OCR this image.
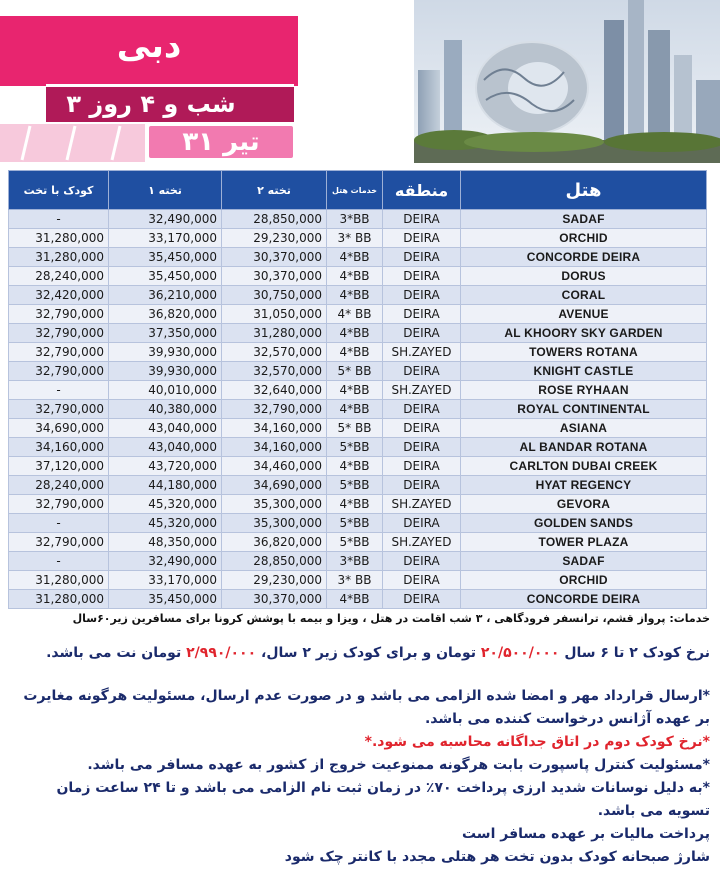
دبی
۳ شب و ۴ روز
۳۱ تیر
کودک با تخت	۱ تخته	۲ تخته	خدمات هتل	منطقه	هتل
-	32,490,000	28,850,000	3*BB	DEIRA	SADAF
31,280,000	33,170,000	29,230,000	3* BB	DEIRA	ORCHID
31,280,000	35,450,000	30,370,000	4*BB	DEIRA	CONCORDE DEIRA
28,240,000	35,450,000	30,370,000	4*BB	DEIRA	DORUS
32,420,000	36,210,000	30,750,000	4*BB	DEIRA	CORAL
32,790,000	36,820,000	31,050,000	4* BB	DEIRA	AVENUE
32,790,000	37,350,000	31,280,000	4*BB	DEIRA	AL KHOORY SKY GARDEN
32,790,000	39,930,000	32,570,000	4*BB	SH.ZAYED	TOWERS ROTANA
32,790,000	39,930,000	32,570,000	5* BB	DEIRA	KNIGHT CASTLE
-	40,010,000	32,640,000	4*BB	SH.ZAYED	ROSE RYHAAN
32,790,000	40,380,000	32,790,000	4*BB	DEIRA	ROYAL CONTINENTAL
34,690,000	43,040,000	34,160,000	5* BB	DEIRA	ASIANA
34,160,000	43,040,000	34,160,000	5*BB	DEIRA	AL BANDAR ROTANA
37,120,000	43,720,000	34,460,000	4*BB	DEIRA	CARLTON DUBAI CREEK
28,240,000	44,180,000	34,690,000	5*BB	DEIRA	HYAT REGENCY
32,790,000	45,320,000	35,300,000	4*BB	SH.ZAYED	GEVORA
-	45,320,000	35,300,000	5*BB	DEIRA	GOLDEN SANDS
32,790,000	48,350,000	36,820,000	5*BB	SH.ZAYED	TOWER PLAZA
-	32,490,000	28,850,000	3*BB	DEIRA	SADAF
31,280,000	33,170,000	29,230,000	3* BB	DEIRA	ORCHID
31,280,000	35,450,000	30,370,000	4*BB	DEIRA	CONCORDE DEIRA
خدمات: پرواز قشم، ترانسفر فرودگاهی ، ۳ شب اقامت در هتل ، ویزا و بیمه با پوشش کرونا برای مسافرین زیر۶۰سال

نرخ کودک ۲ تا ۶ سال ۲۰/۵۰۰/۰۰۰ تومان و برای کودک زیر ۲ سال، ۲/۹۹۰/۰۰۰ تومان نت می باشد.

*ارسال قرارداد مهر و امضا شده الزامی می باشد و در صورت عدم ارسال، مسئولیت هرگونه مغایرت بر عهده آژانس درخواست کننده می باشد.

*نرخ کودک دوم در اتاق جداگانه محاسبه می شود.*

*مسئولیت کنترل پاسپورت بابت هرگونه ممنوعیت خروج از کشور به عهده مسافر می باشد.

*به دلیل نوسانات شدید ارزی پرداخت ۷۰٪ در زمان ثبت نام الزامی می باشد و تا ۲۴ ساعت زمان تسویه می باشد.

پرداخت مالیات بر عهده مسافر است

شارژ صبحانه کودک بدون تخت هر هتلی مجدد با کانتر چک شود
